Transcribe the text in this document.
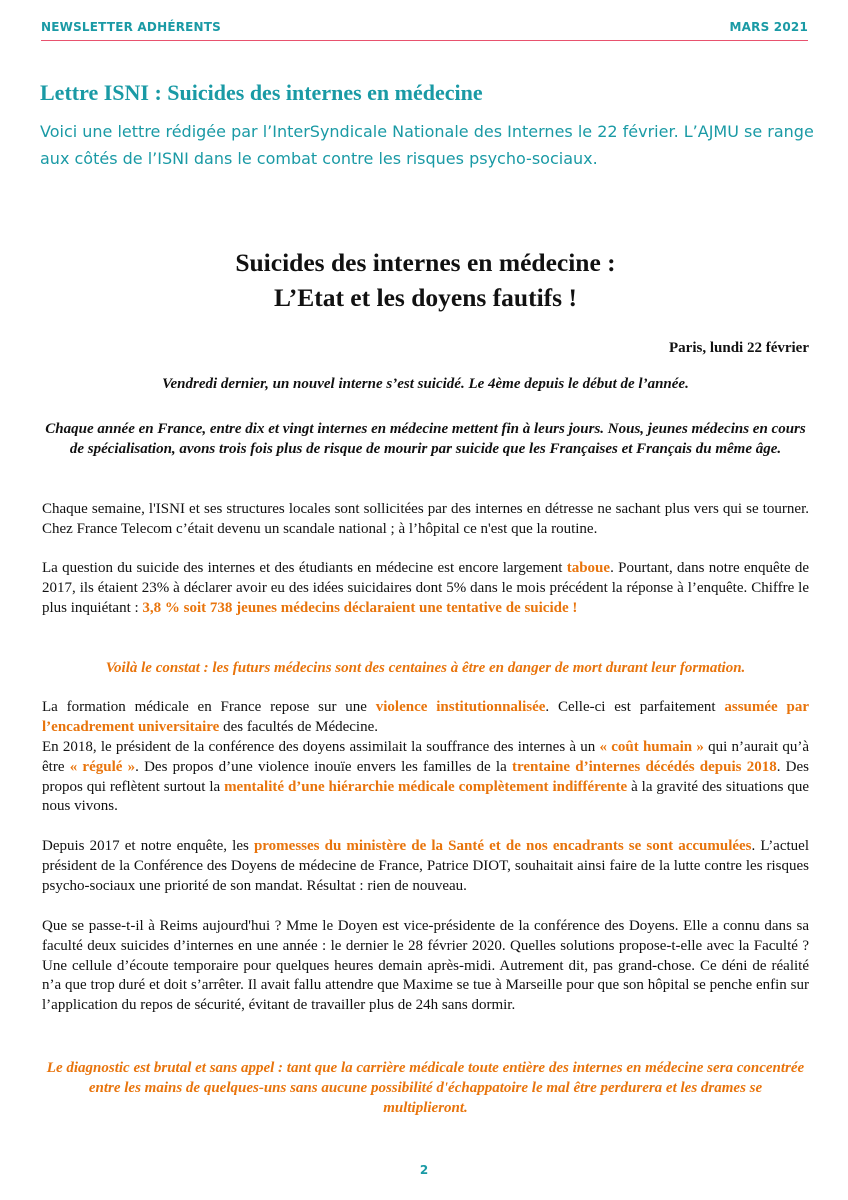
NEWSLETTER ADHÉRENTS	MARS 2021
Lettre ISNI : Suicides des internes en médecine

Voici une lettre rédigée par l’InterSyndicale Nationale des Internes le 22 février. L’AJMU se range aux côtés de l’ISNI dans le combat contre les risques psycho-sociaux.

Suicides des internes en médecine :
L’Etat et les doyens fautifs !

Paris, lundi 22 février

Vendredi dernier, un nouvel interne s’est suicidé. Le 4ème depuis le début de l’année.

Chaque année en France, entre dix et vingt internes en médecine mettent fin à leurs jours. Nous, jeunes médecins en cours de spécialisation, avons trois fois plus de risque de mourir par suicide que les Françaises et Français du même âge.

Chaque semaine, l'ISNI et ses structures locales sont sollicitées par des internes en détresse ne sachant plus vers qui se tourner. Chez France Telecom c’était devenu un scandale national ; à l’hôpital ce n'est que la routine.

La question du suicide des internes et des étudiants en médecine est encore largement taboue. Pourtant, dans notre enquête de 2017, ils étaient 23% à déclarer avoir eu des idées suicidaires dont 5% dans le mois précédent la réponse à l’enquête. Chiffre le plus inquiétant : 3,8 % soit 738 jeunes médecins déclaraient une tentative de suicide !

Voilà le constat : les futurs médecins sont des centaines à être en danger de mort durant leur formation.

La formation médicale en France repose sur une violence institutionnalisée. Celle-ci est parfaitement assumée par l’encadrement universitaire des facultés de Médecine.

En 2018, le président de la conférence des doyens assimilait la souffrance des internes à un « coût humain » qui n’aurait qu’à être « régulé ». Des propos d’une violence inouïe envers les familles de la trentaine d’internes décédés depuis 2018. Des propos qui reflètent surtout la mentalité d’une hiérarchie médicale complètement indifférente à la gravité des situations que nous vivons.

Depuis 2017 et notre enquête, les promesses du ministère de la Santé et de nos encadrants se sont accumulées. L’actuel président de la Conférence des Doyens de médecine de France, Patrice DIOT, souhaitait ainsi faire de la lutte contre les risques psycho-sociaux une priorité de son mandat. Résultat : rien de nouveau.

Que se passe-t-il à Reims aujourd'hui ? Mme le Doyen est vice-présidente de la conférence des Doyens. Elle a connu dans sa faculté deux suicides d’internes en une année : le dernier le 28 février 2020. Quelles solutions propose-t-elle avec la Faculté ? Une cellule d’écoute temporaire pour quelques heures demain après-midi. Autrement dit, pas grand-chose. Ce déni de réalité n’a que trop duré et doit s’arrêter. Il avait fallu attendre que Maxime se tue à Marseille pour que son hôpital se penche enfin sur l’application du repos de sécurité, évitant de travailler plus de 24h sans dormir.

Le diagnostic est brutal et sans appel : tant que la carrière médicale toute entière des internes en médecine sera concentrée entre les mains de quelques-uns sans aucune possibilité d'échappatoire le mal être perdurera et les drames se multiplieront.

2
